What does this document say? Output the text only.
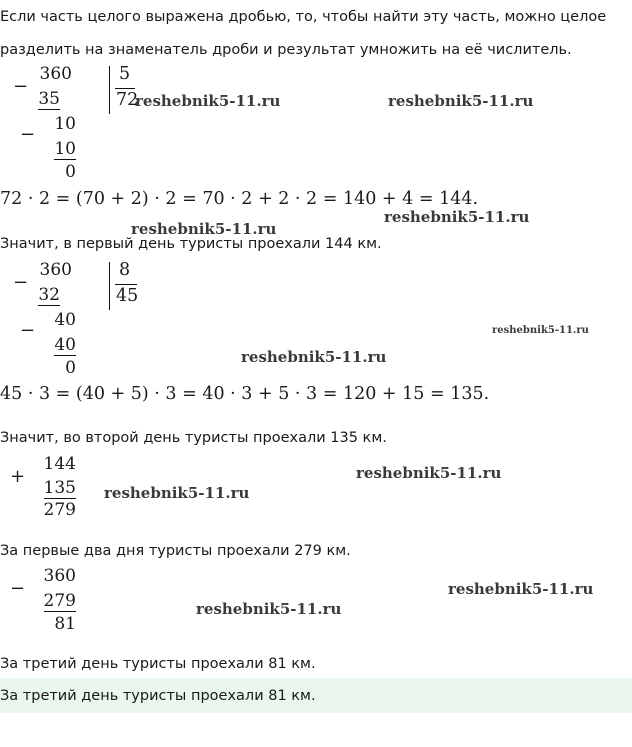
Если часть целого выражена дробью, то, чтобы найти эту часть, можно целое
разделить на знаменатель дроби и результат умножить на её числитель.
−
360
35
−	10
10
0
5
72
reshebnik5-11.ru	reshebnik5-11.ru
72 · 2 = (70 + 2) · 2 = 70 · 2 + 2 · 2 = 140 + 4 = 144.
reshebnik5-11.ru
reshebnik5-11.ru
Значит, в первый день туристы проехали 144 км.
−
360
32
−	40
40
0
8
45
reshebnik5-11.ru
reshebnik5-11.ru
45 · 3 = (40 + 5) · 3 = 40 · 3 + 5 · 3 = 120 + 15 = 135.
Значит, во второй день туристы проехали 135 км.
+
144
135
279
reshebnik5-11.ru
reshebnik5-11.ru
За первые два дня туристы проехали 279 км.
−
360
279
81
reshebnik5-11.ru
reshebnik5-11.ru
За третий день туристы проехали 81 км.
За третий день туристы проехали 81 км.
